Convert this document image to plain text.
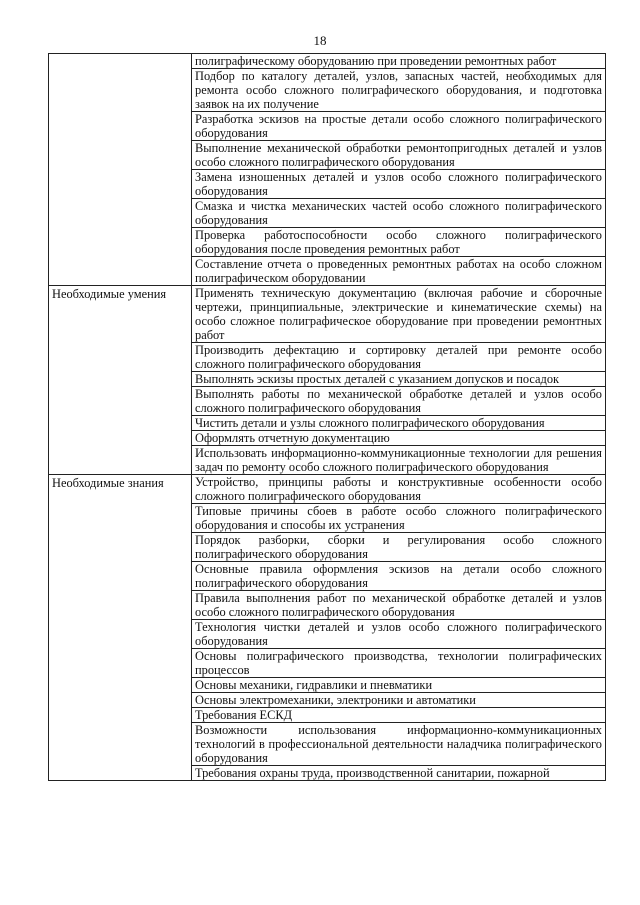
18
	полиграфическому оборудованию при проведении ремонтных работ
	Подбор по каталогу деталей, узлов, запасных частей, необходимых для ремонта особо сложного полиграфического оборудования, и подготовка заявок на их получение
	Разработка эскизов на простые детали особо сложного полиграфического оборудования
	Выполнение механической обработки ремонтопригодных деталей и узлов особо сложного полиграфического оборудования
	Замена изношенных деталей и узлов особо сложного полиграфического оборудования
	Смазка и чистка механических частей особо сложного полиграфического оборудования
	Проверка работоспособности особо сложного полиграфического оборудования после проведения ремонтных работ
	Составление отчета о проведенных ремонтных работах на особо сложном полиграфическом оборудовании

Необходимые умения	Применять техническую документацию (включая рабочие и сборочные чертежи, принципиальные, электрические и кинематические схемы) на особо сложное полиграфическое оборудование при проведении ремонтных работ
	Производить дефектацию и сортировку деталей при ремонте особо сложного полиграфического оборудования
	Выполнять эскизы простых деталей с указанием допусков и посадок
	Выполнять работы по механической обработке деталей и узлов особо сложного полиграфического оборудования
	Чистить детали и узлы сложного полиграфического оборудования
	Оформлять отчетную документацию
	Использовать информационно-коммуникационные технологии для решения задач по ремонту особо сложного полиграфического оборудования

Необходимые знания	Устройство, принципы работы и конструктивные особенности особо сложного полиграфического оборудования
	Типовые причины сбоев в работе особо сложного полиграфического оборудования и способы их устранения
	Порядок разборки, сборки и регулирования особо сложного полиграфического оборудования
	Основные правила оформления эскизов на детали особо сложного полиграфического оборудования
	Правила выполнения работ по механической обработке деталей и узлов особо сложного полиграфического оборудования
	Технология чистки деталей и узлов особо сложного полиграфического оборудования
	Основы полиграфического производства, технологии полиграфических процессов
	Основы механики, гидравлики и пневматики
	Основы электромеханики, электроники и автоматики
	Требования ЕСКД
	Возможности использования информационно-коммуникационных технологий в профессиональной деятельности наладчика полиграфического оборудования
	Требования охраны труда, производственной санитарии, пожарной
